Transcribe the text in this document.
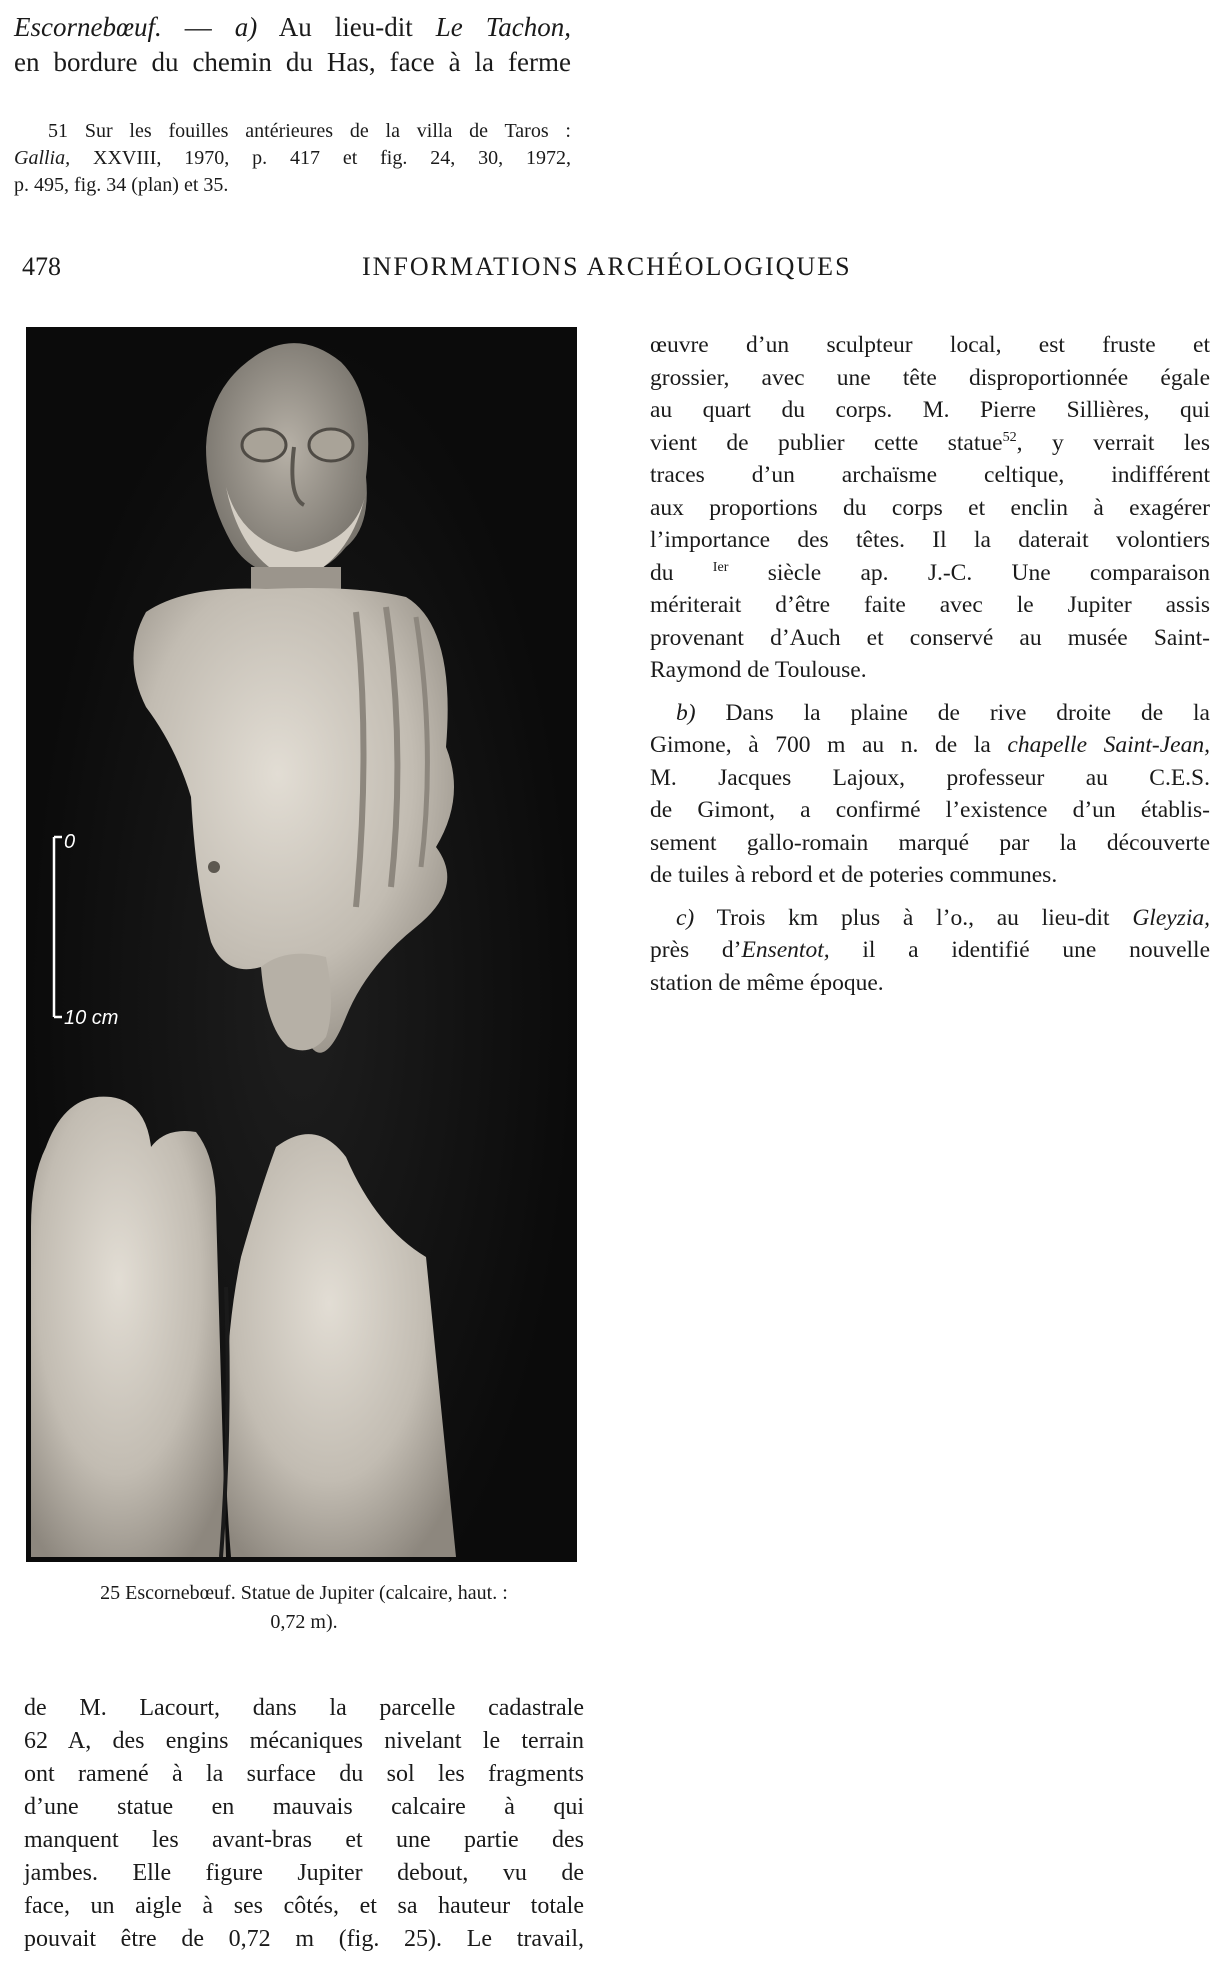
Escornebœuf. — a) Au lieu-dit Le Tachon,
en bordure du chemin du Has, face à la ferme
51 Sur les fouilles antérieures de la villa de Taros :
Gallia, XXVIII, 1970, p. 417 et fig. 24, 30, 1972,
p. 495, fig. 34 (plan) et 35.
478	INFORMATIONS ARCHÉOLOGIQUES
0
10 cm
25 Escornebœuf. Statue de Jupiter (calcaire, haut. :
0,72 m).
œuvre d’un sculpteur local, est fruste et
grossier, avec une tête disproportionnée égale
au quart du corps. M. Pierre Sillières, qui
vient de publier cette statue$^{52}$, y verrait les
traces d’un archaïsme celtique, indifférent
aux proportions du corps et enclin à exagérer
l’importance des têtes. Il la daterait volontiers
du $^{Ier}$ siècle ap. J.-C. Une comparaison
mériterait d’être faite avec le Jupiter assis
provenant d’Auch et conservé au musée Saint-
Raymond de Toulouse.
b) Dans la plaine de rive droite de la
Gimone, à 700 m au n. de la chapelle Saint-Jean,
M. Jacques Lajoux, professeur au C.E.S.
de Gimont, a confirmé l’existence d’un établis-
sement gallo-romain marqué par la découverte
de tuiles à rebord et de poteries communes.
c) Trois km plus à l’o., au lieu-dit Gleyzia,
près d’Ensentot, il a identifié une nouvelle
station de même époque.
de M. Lacourt, dans la parcelle cadastrale
62 A, des engins mécaniques nivelant le terrain
ont ramené à la surface du sol les fragments
d’une statue en mauvais calcaire à qui
manquent les avant-bras et une partie des
jambes. Elle figure Jupiter debout, vu de
face, un aigle à ses côtés, et sa hauteur totale
pouvait être de 0,72 m (fig. 25). Le travail,
